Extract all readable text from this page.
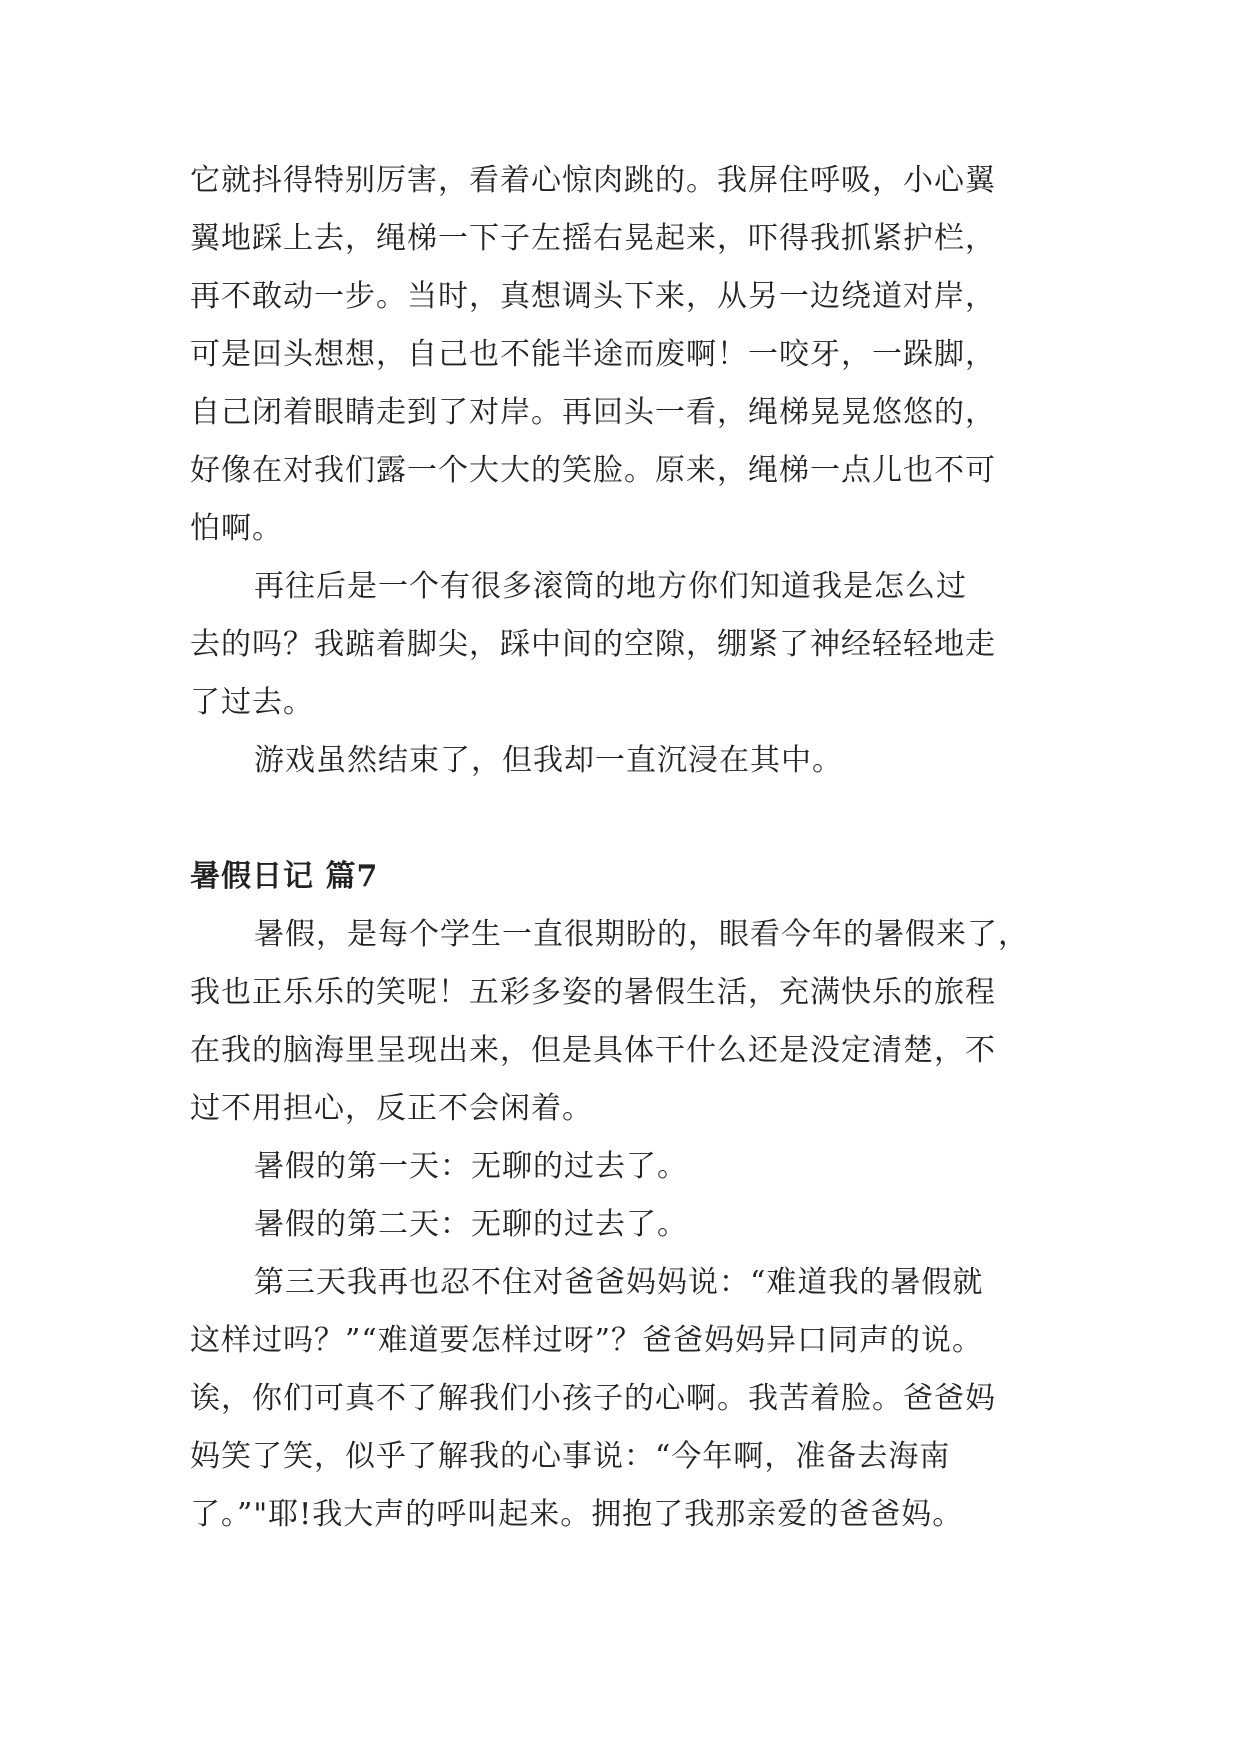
它就抖得特别厉害，看着心惊肉跳的。我屏住呼吸，小心翼
翼地踩上去，绳梯一下子左摇右晃起来，吓得我抓紧护栏，
再不敢动一步。当时，真想调头下来，从另一边绕道对岸，
可是回头想想，自己也不能半途而废啊！一咬牙，一跺脚，
自己闭着眼睛走到了对岸。再回头一看，绳梯晃晃悠悠的，
好像在对我们露一个大大的笑脸。原来，绳梯一点儿也不可
怕啊。

再往后是一个有很多滚筒的地方你们知道我是怎么过
去的吗？我踮着脚尖，踩中间的空隙，绷紧了神经轻轻地走
了过去。

游戏虽然结束了，但我却一直沉浸在其中。

暑假日记 篇7

暑假，是每个学生一直很期盼的，眼看今年的暑假来了，
我也正乐乐的笑呢！五彩多姿的暑假生活，充满快乐的旅程
在我的脑海里呈现出来，但是具体干什么还是没定清楚，不
过不用担心，反正不会闲着。

暑假的第一天：无聊的过去了。

暑假的第二天：无聊的过去了。

第三天我再也忍不住对爸爸妈妈说：“难道我的暑假就
这样过吗？”“难道要怎样过呀”？爸爸妈妈异口同声的说。
诶，你们可真不了解我们小孩子的心啊。我苦着脸。爸爸妈
妈笑了笑，似乎了解我的心事说：“今年啊，准备去海南
了。”"耶!我大声的呼叫起来。拥抱了我那亲爱的爸爸妈。
